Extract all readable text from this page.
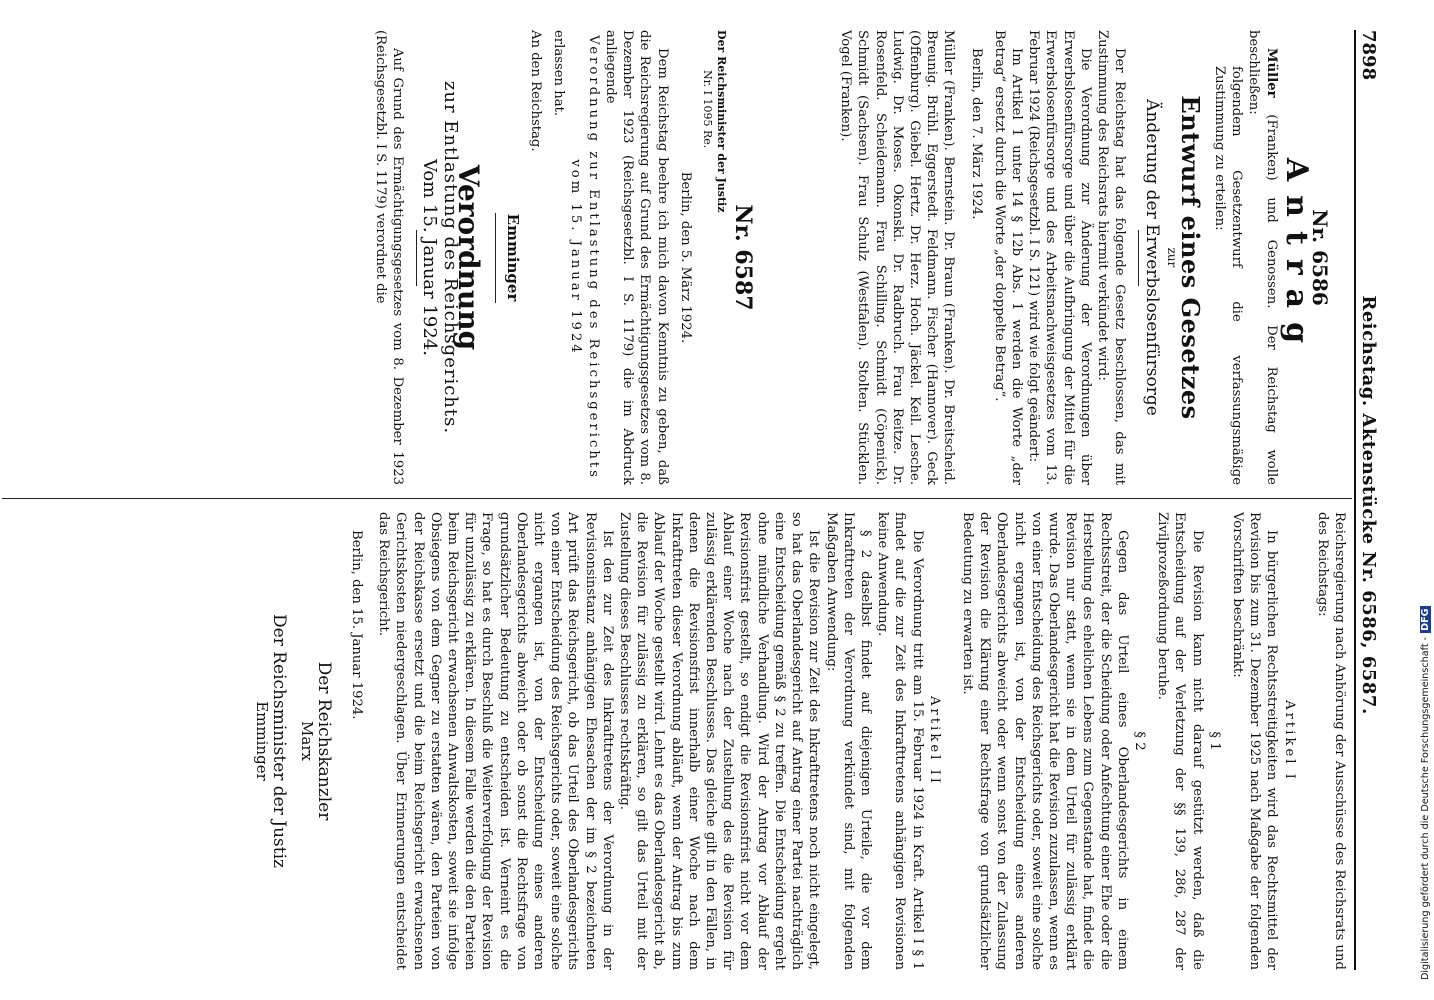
7898
Reichstag. Aktenstücke Nr. 6586, 6587.
Nr. 6586
Antrag

Müller (Franken) und Genossen. Der Reichstag wolle beschließen:

folgendem Gesetzentwurf die verfassungsmäßige Zustimmung zu erteilen:

Entwurf eines Gesetzes
zur
Änderung der Erwerbslosenfürsorge

Der Reichstag hat das folgende Gesetz beschlossen, das mit Zustimmung des Reichsrats hiermit verkündet wird:

Die Verordnung zur Änderung der Verordnungen über Erwerbslosenfürsorge und über die Aufbringung der Mittel für die Erwerbslosenfürsorge und des Arbeitsnachweisgesetzes vom 13. Februar 1924 (Reichsgesetzbl. I S. 121) wird wie folgt geändert:

Im Artikel 1 unter 14 § 12b Abs. 1 werden die Worte „der Betrag“ ersetzt durch die Worte „der doppelte Betrag“.

Berlin, den 7. März 1924.

Müller (Franken). Bernstein. Dr. Braun (Franken). Dr. Breitscheid. Breunig. Brühl. Eggerstedt. Feldmann. Fischer (Hannover). Geck (Offenburg). Giebel. Hertz. Dr. Herz. Hoch. Jäckel. Keil. Lesche. Ludwig. Dr. Moses. Okonski. Dr. Radbruch. Frau Reitze. Dr. Rosenfeld. Scheidemann. Frau Schilling. Schmidt (Cöpenick). Schmidt (Sachsen). Frau Schulz (Westfalen). Stolten. Stücklen. Vogel (Franken).

Nr. 6587

Der Reichsminister der Justiz

Nr. I 1095 Re.

Berlin, den 5. März 1924.

Dem Reichstag beehre ich mich davon Kenntnis zu geben, daß die Reichsregierung auf Grund des Ermächtigungsgesetzes vom 8. Dezember 1923 (Reichsgesetzbl. I S. 1179) die im Abdruck anliegende

Verordnung zur Entlastung des Reichsgerichts vom 15. Januar 1924

erlassen hat.

An den Reichstag.

Emminger
Verordnung
zur Entlastung des Reichsgerichts.
Vom 15. Januar 1924.

Auf Grund des Ermächtigungsgesetzes vom 8. Dezember 1923 (Reichsgesetzbl. I S. 1179) verordnet die

Reichsregierung nach Anhörung der Ausschüsse des Reichsrats und des Reichstags:

Artikel I

In bürgerlichen Rechtsstreitigkeiten wird das Rechtsmittel der Revision bis zum 31. Dezember 1925 nach Maßgabe der folgenden Vorschriften beschränkt:

§ 1

Die Revision kann nicht darauf gestützt werden, daß die Entscheidung auf der Verletzung der §§ 139, 286, 287 der Zivilprozeßordnung beruhe.

§ 2

Gegen das Urteil eines Oberlandesgerichts in einem Rechtsstreit, der die Scheidung oder Anfechtung einer Ehe oder die Herstellung des ehelichen Lebens zum Gegenstande hat, findet die Revision nur statt, wenn sie in dem Urteil für zulässig erklärt wurde. Das Oberlandesgericht hat die Revision zuzulassen, wenn es von einer Entscheidung des Reichsgerichts oder, soweit eine solche nicht ergangen ist, von der Entscheidung eines anderen Oberlandesgerichts abweicht oder wenn sonst von der Zulassung der Revision die Klärung einer Rechtsfrage von grundsätzlicher Bedeutung zu erwarten ist.

Artikel II

Die Verordnung tritt am 15. Februar 1924 in Kraft. Artikel I § 1 findet auf die zur Zeit des Inkrafttretens anhängigen Revisionen keine Anwendung.

§ 2 daselbst findet auf diejenigen Urteile, die vor dem Inkrafttreten der Verordnung verkündet sind, mit folgenden Maßgaben Anwendung:

Ist die Revision zur Zeit des Inkrafttretens noch nicht eingelegt, so hat das Oberlandesgericht auf Antrag einer Partei nachträglich eine Entscheidung gemäß § 2 zu treffen. Die Entscheidung ergeht ohne mündliche Verhandlung. Wird der Antrag vor Ablauf der Revisionsfrist gestellt, so endigt die Revisionsfrist nicht vor dem Ablauf einer Woche nach der Zustellung des die Revision für zulässig erklärenden Beschlusses. Das gleiche gilt in den Fällen, in denen die Revisionsfrist innerhalb einer Woche nach dem Inkrafttreten dieser Verordnung abläuft, wenn der Antrag bis zum Ablauf der Woche gestellt wird. Lehnt es das Oberlandesgericht ab, die Revision für zulässig zu erklären, so gilt das Urteil mit der Zustellung dieses Beschlusses rechtskräftig.

Ist den zur Zeit des Inkrafttretens der Verordnung in der Revisionsinstanz anhängigen Ehesachen der im § 2 bezeichneten Art prüft das Reichsgericht, ob das Urteil des Oberlandesgerichts von einer Entscheidung des Reichsgerichts oder, soweit eine solche nicht ergangen ist, von der Entscheidung eines anderen Oberlandesgerichts abweicht oder ob sonst die Rechtsfrage von grundsätzlicher Bedeutung zu entscheiden ist. Verneint es die Frage, so hat es durch Beschluß die Weiterverfolgung der Revision für unzulässig zu erklären. In diesem Falle werden die den Parteien beim Reichsgericht erwachsenen Anwaltskosten, soweit sie infolge Obsiegens von dem Gegner zu erstatten wären, den Parteien von der Reichskasse ersetzt und die beim Reichsgericht erwachsenen Gerichtskosten niedergeschlagen. Über Erinnerungen entscheidet das Reichsgericht.

Berlin, den 15. Januar 1924.

Der Reichskanzler
Marx
Der Reichsminister der Justiz
Emminger	Digitalisierung gefördert durch die Deutsche Forschungsgemeinschaft -DFG
